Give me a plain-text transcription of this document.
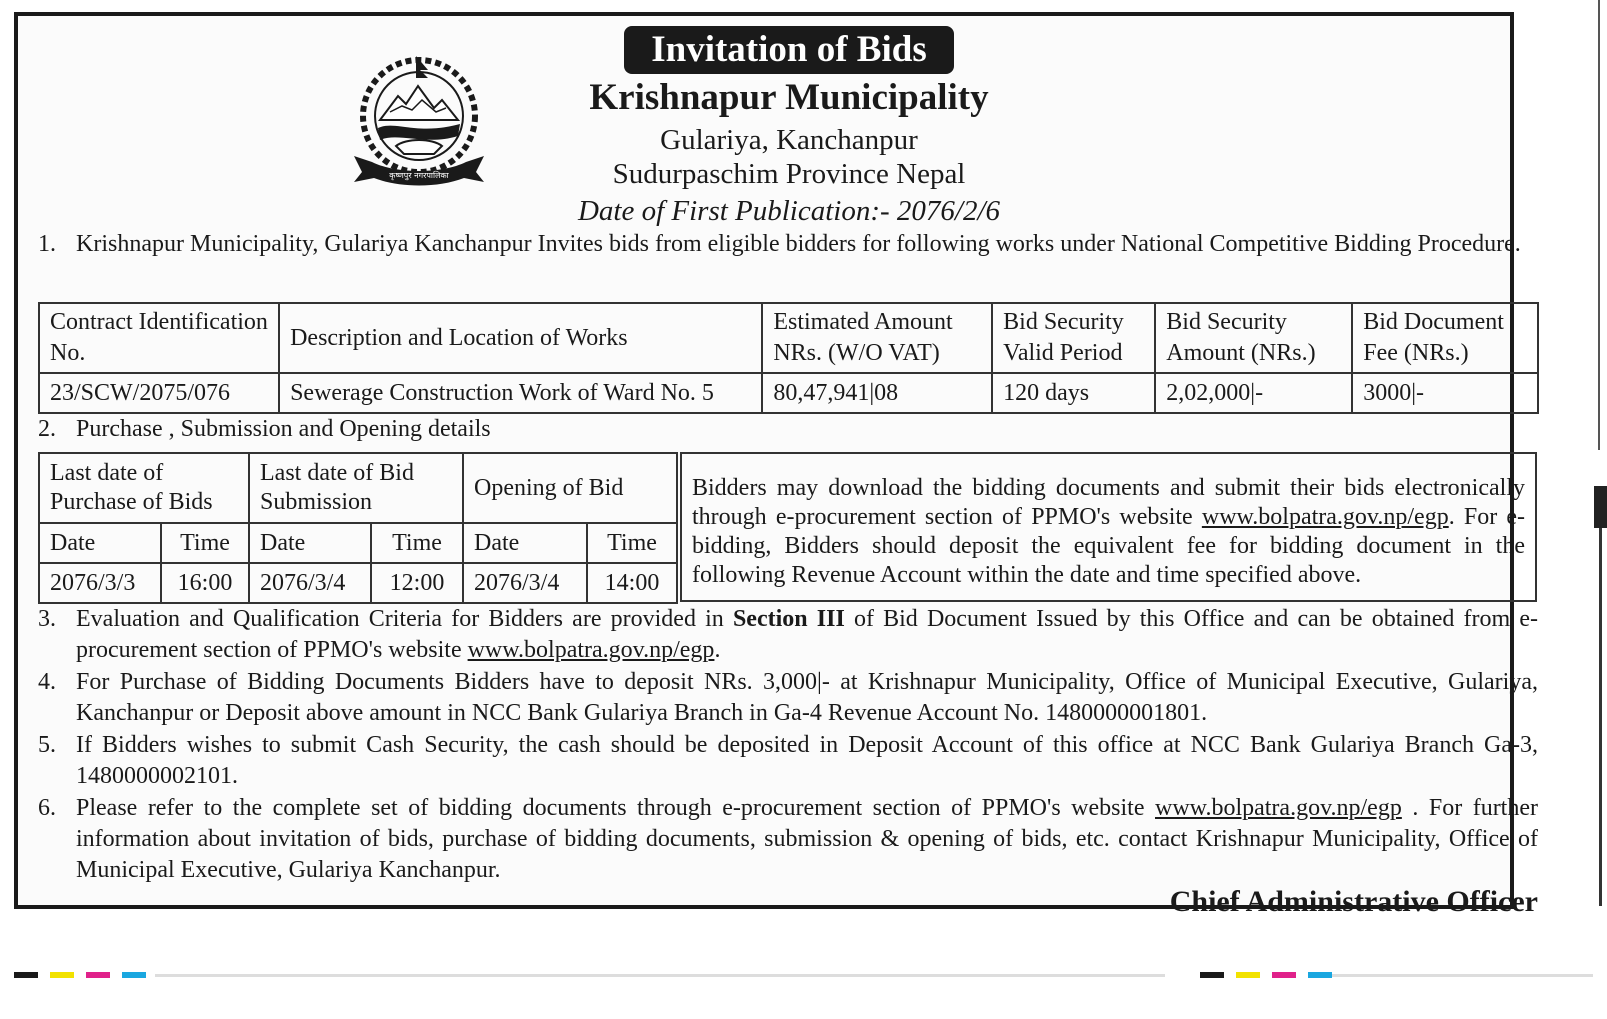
कृष्णपुर नगरपालिका
Invitation of Bids
Krishnapur Municipality
Gulariya, Kanchanpur
Sudurpaschim Province Nepal
Date of First Publication:- 2076/2/6
1. Krishnapur Municipality, Gulariya Kanchanpur Invites bids from eligible bidders for following works under National Competitive Bidding Procedure.
Contract Identification No.	Description and Location of Works	Estimated Amount NRs. (W/O VAT)	Bid Security Valid Period	Bid Security Amount (NRs.)	Bid Document Fee (NRs.)
23/SCW/2075/076	Sewerage Construction Work of Ward No. 5	80,47,941|08	120 days	2,02,000|-	3000|-
2. Purchase , Submission and Opening details
Last date of Purchase of Bids		Last date of Bid Submission		Opening of Bid	
Date	Time	Date	Time	Date	Time
2076/3/3	16:00	2076/3/4	12:00	2076/3/4	14:00
Bidders may download the bidding documents and submit their bids electronically through e-procurement section of PPMO's website www.bolpatra.gov.np/egp. For e-bidding, Bidders should deposit the equivalent fee for bidding document in the following Revenue Account within the date and time specified above.
3. Evaluation and Qualification Criteria for Bidders are provided in Section III of Bid Document Issued by this Office and can be obtained from e-procurement section of PPMO's website www.bolpatra.gov.np/egp.
4. For Purchase of Bidding Documents Bidders have to deposit NRs. 3,000|- at Krishnapur Municipality, Office of Municipal Executive, Gulariya, Kanchanpur or Deposit above amount in NCC Bank Gulariya Branch in Ga-4 Revenue Account No. 1480000001801.
5. If Bidders wishes to submit Cash Security, the cash should be deposited in Deposit Account of this office at NCC Bank Gulariya Branch Ga-3, 1480000002101.
6. Please refer to the complete set of bidding documents through e-procurement section of PPMO's website www.bolpatra.gov.np/egp . For further information about invitation of bids, purchase of bidding documents, submission & opening of bids, etc. contact Krishnapur Municipality, Office of Municipal Executive, Gulariya Kanchanpur.
Chief Administrative Officer
